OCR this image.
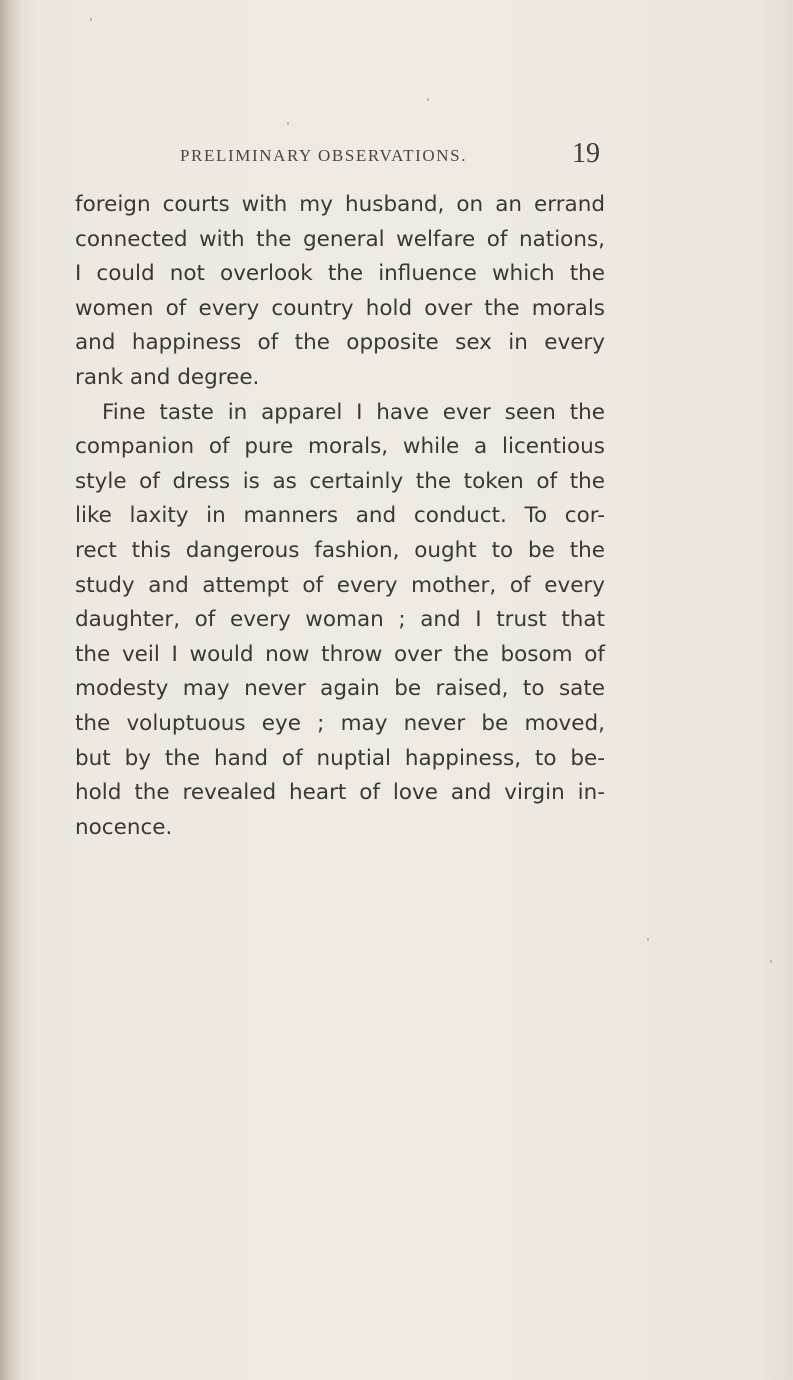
PRELIMINARY OBSERVATIONS.	19
foreign courts with my husband, on an errand
connected with the general welfare of nations,
I could not overlook the influence which the
women of every country hold over the morals
and happiness of the opposite sex in every
rank and degree.
Fine taste in apparel I have ever seen the
companion of pure morals, while a licentious
style of dress is as certainly the token of the
like laxity in manners and conduct. To cor-
rect this dangerous fashion, ought to be the
study and attempt of every mother, of every
daughter, of every woman ; and I trust that
the veil I would now throw over the bosom of
modesty may never again be raised, to sate
the voluptuous eye ; may never be moved,
but by the hand of nuptial happiness, to be-
hold the revealed heart of love and virgin in-
nocence.
